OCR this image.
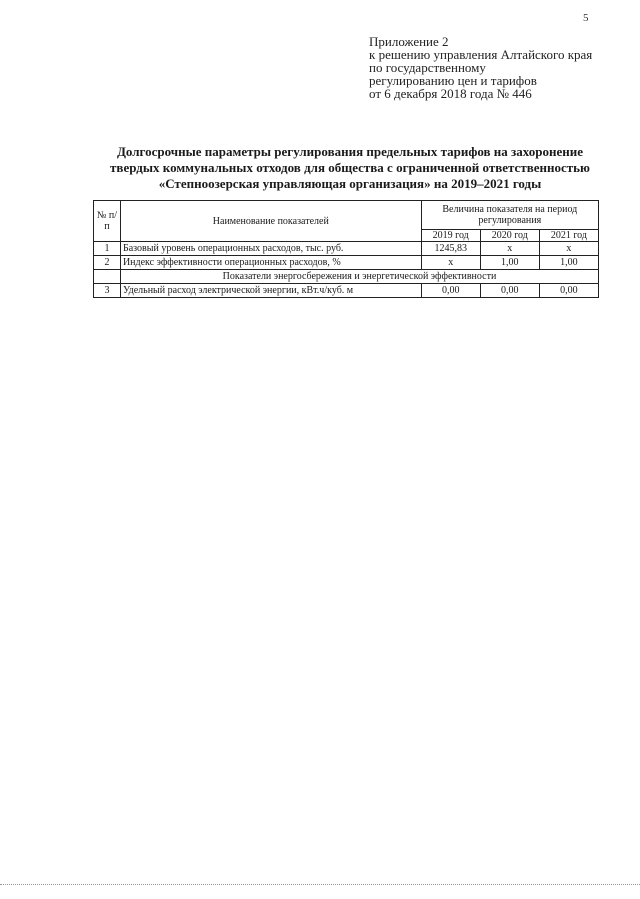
5
Приложение 2
к решению управления Алтайского края
по государственному
регулированию цен и тарифов
от 6 декабря 2018 года № 446
Долгосрочные параметры регулирования предельных тарифов на захоронение
твердых коммунальных отходов для общества с ограниченной ответственностью
«Степноозерская управляющая организация» на 2019–2021 годы
№ п/п	Наименование показателей	Величина показателя на период регулирования		
		2019 год	2020 год	2021 год
1	Базовый уровень операционных расходов, тыс. руб.	1245,83	x	x
2	Индекс эффективности операционных расходов, %	x	1,00	1,00
	Показатели энергосбережения и энергетической эффективности			
3	Удельный расход электрической энергии, кВт.ч/куб. м	0,00	0,00	0,00
